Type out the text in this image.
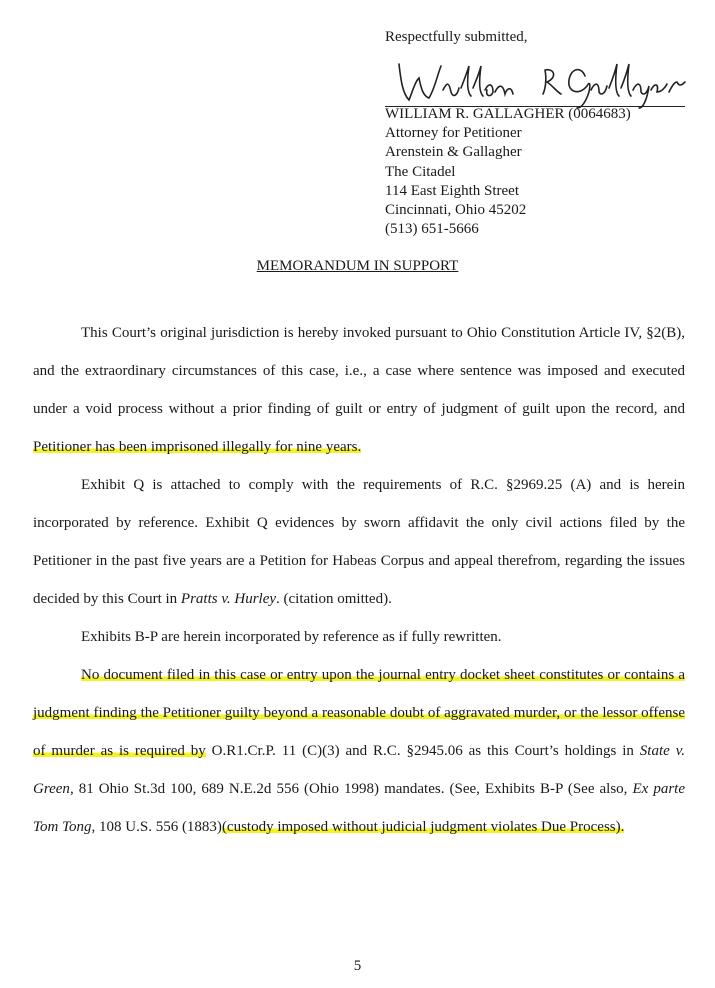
Respectfully submitted,
WILLIAM R. GALLAGHER (0064683)
Attorney for Petitioner
Arenstein & Gallagher
The Citadel
114 East Eighth Street
Cincinnati, Ohio 45202
(513) 651-5666
MEMORANDUM IN SUPPORT

This Court’s original jurisdiction is hereby invoked pursuant to Ohio Constitution Article IV, §2(B), and the extraordinary circumstances of this case, i.e., a case where sentence was imposed and executed under a void process without a prior finding of guilt or entry of judgment of guilt upon the record, and Petitioner has been imprisoned illegally for nine years.

Exhibit Q is attached to comply with the requirements of R.C. §2969.25 (A) and is herein incorporated by reference. Exhibit Q evidences by sworn affidavit the only civil actions filed by the Petitioner in the past five years are a Petition for Habeas Corpus and appeal therefrom, regarding the issues decided by this Court in Pratts v. Hurley. (citation omitted).

Exhibits B-P are herein incorporated by reference as if fully rewritten.

No document filed in this case or entry upon the journal entry docket sheet constitutes or contains a judgment finding the Petitioner guilty beyond a reasonable doubt of aggravated murder, or the lessor offense of murder as is required by O.R1.Cr.P. 11 (C)(3) and R.C. §2945.06 as this Court’s holdings in State v. Green, 81 Ohio St.3d 100, 689 N.E.2d 556 (Ohio 1998) mandates. (See, Exhibits B-P (See also, Ex parte Tom Tong, 108 U.S. 556 (1883)(custody imposed without judicial judgment violates Due Process).

5
